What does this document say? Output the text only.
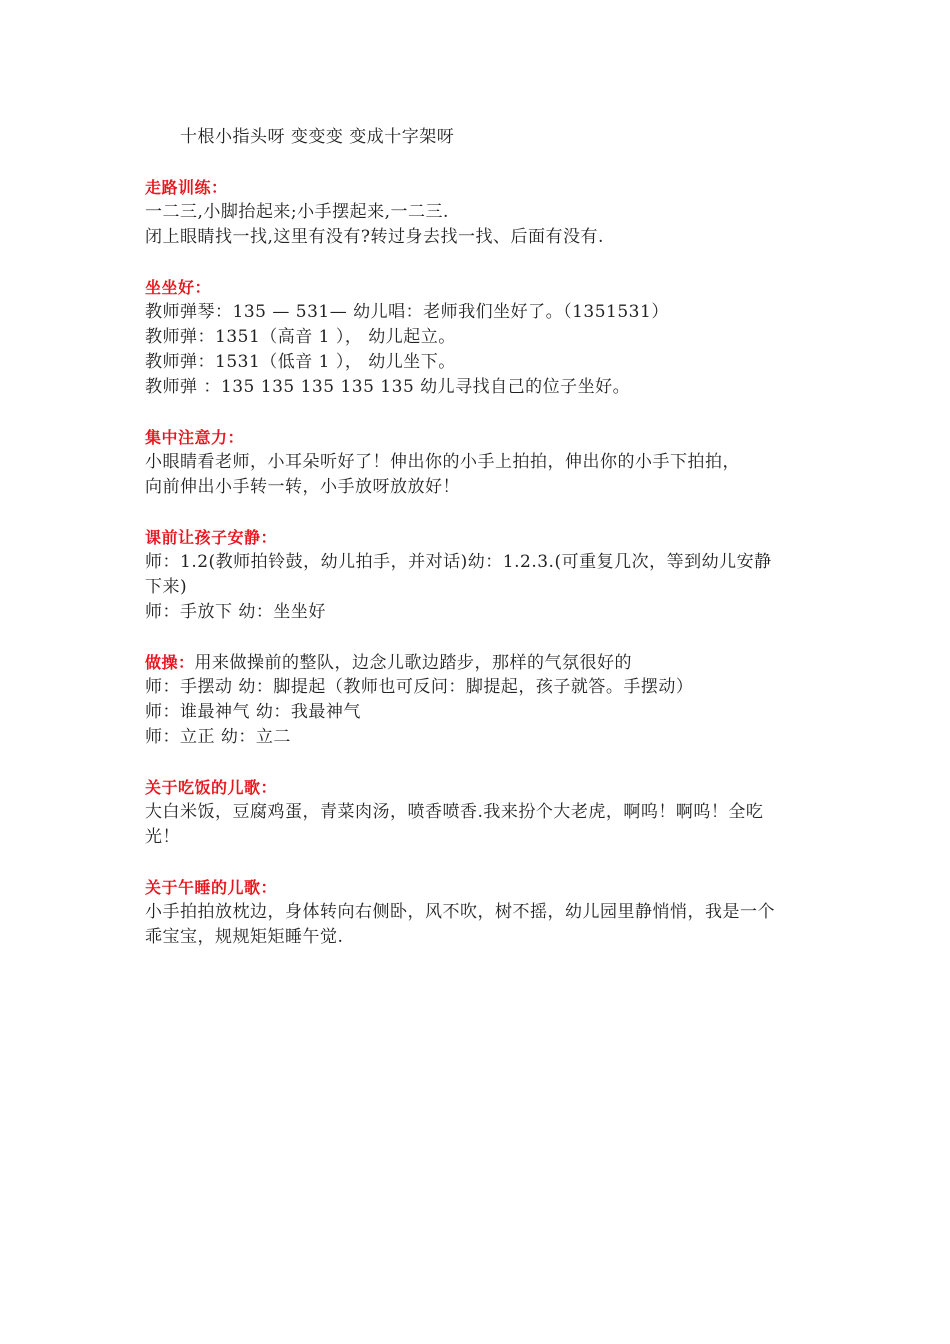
十根小指头呀 变变变 变成十字架呀
走路训练：
一二三,小脚抬起来;小手摆起来,一二三.
闭上眼睛找一找,这里有没有?转过身去找一找、后面有没有.
坐坐好：
教师弹琴：135 — 531— 幼儿唱：老师我们坐好了。（1351531）
教师弹：1351（高音 1 ）， 幼儿起立。
教师弹：1531（低音 1 ）， 幼儿坐下。
教师弹 ：135 135 135 135 135 幼儿寻找自己的位子坐好。
集中注意力：
小眼睛看老师，小耳朵听好了！伸出你的小手上拍拍，伸出你的小手下拍拍，
向前伸出小手转一转，小手放呀放放好！
课前让孩子安静：
师：1.2(教师拍铃鼓，幼儿拍手，并对话)幼：1.2.3.(可重复几次，等到幼儿安静
下来)
师：手放下 幼：坐坐好
做操：用来做操前的整队，边念儿歌边踏步，那样的气氛很好的
师：手摆动 幼：脚提起（教师也可反问：脚提起，孩子就答。手摆动）
师：谁最神气 幼：我最神气
师：立正 幼：立二
关于吃饭的儿歌：
大白米饭，豆腐鸡蛋，青菜肉汤，喷香喷香.我来扮个大老虎，啊呜！啊呜！全吃
光！
关于午睡的儿歌：
小手拍拍放枕边，身体转向右侧卧，风不吹，树不摇，幼儿园里静悄悄，我是一个
乖宝宝，规规矩矩睡午觉.
